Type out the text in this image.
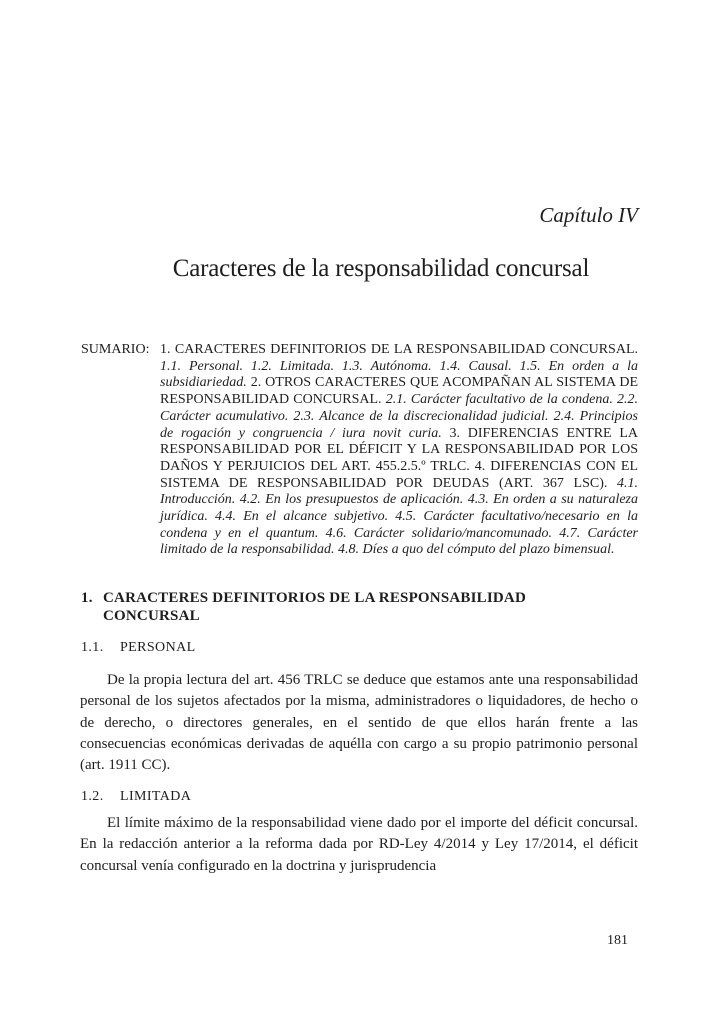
Capítulo IV
Caracteres de la responsabilidad concursal
SUMARIO: 1. CARACTERES DEFINITORIOS DE LA RESPONSABILIDAD CONCURSAL. 1.1. Personal. 1.2. Limitada. 1.3. Autónoma. 1.4. Causal. 1.5. En orden a la subsidiariedad. 2. OTROS CARACTERES QUE ACOMPAÑAN AL SISTEMA DE RESPONSABILIDAD CONCURSAL. 2.1. Carácter facultativo de la condena. 2.2. Carácter acumulativo. 2.3. Alcance de la discrecionalidad judicial. 2.4. Principios de rogación y congruencia / iura novit curia. 3. DIFERENCIAS ENTRE LA RESPONSABILIDAD POR EL DÉFICIT Y LA RESPONSABILIDAD POR LOS DAÑOS Y PERJUICIOS DEL ART. 455.2.5.º TRLC. 4. DIFERENCIAS CON EL SISTEMA DE RESPONSABILIDAD POR DEUDAS (ART. 367 LSC). 4.1. Introducción. 4.2. En los presupuestos de aplicación. 4.3. En orden a su naturaleza jurídica. 4.4. En el alcance subjetivo. 4.5. Carácter facultativo/necesario en la condena y en el quantum. 4.6. Carácter solidario/mancomunado. 4.7. Carácter limitado de la responsabilidad. 4.8. Díes a quo del cómputo del plazo bimensual.
1. CARACTERES DEFINITORIOS DE LA RESPONSABILIDAD
CONCURSAL
1.1.	PERSONAL

De la propia lectura del art. 456 TRLC se deduce que estamos ante una responsabilidad personal de los sujetos afectados por la misma, administradores o liquidadores, de hecho o de derecho, o directores generales, en el sentido de que ellos harán frente a las consecuencias económicas derivadas de aquélla con cargo a su propio patrimonio personal (art. 1911 CC).

1.2.	LIMITADA

El límite máximo de la responsabilidad viene dado por el importe del déficit concursal. En la redacción anterior a la reforma dada por RD-Ley 4/2014 y Ley 17/2014, el déficit concursal venía configurado en la doctrina y jurisprudencia

181
